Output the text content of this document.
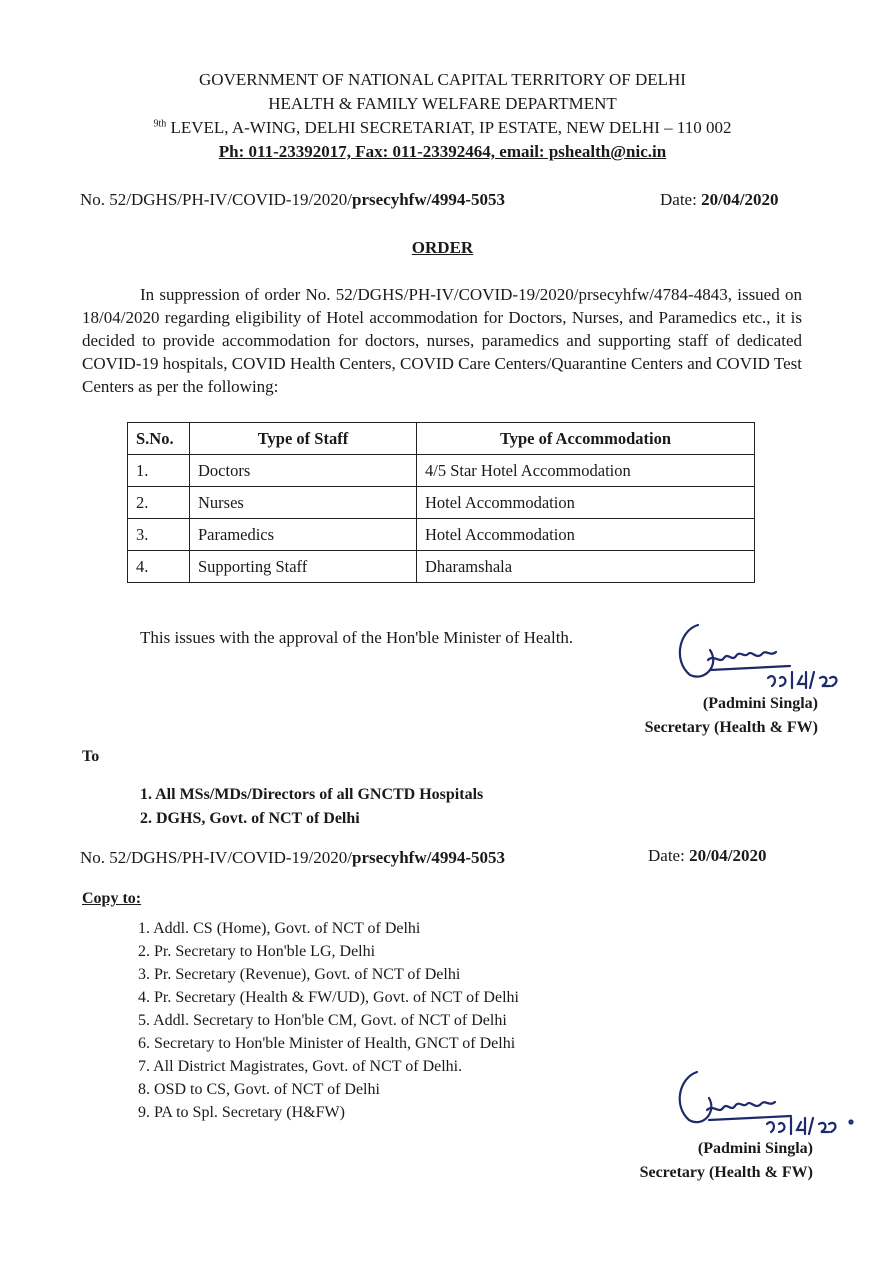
GOVERNMENT OF NATIONAL CAPITAL TERRITORY OF DELHI
HEALTH & FAMILY WELFARE DEPARTMENT
$^{9th}$ LEVEL, A-WING, DELHI SECRETARIAT, IP ESTATE, NEW DELHI – 110 002
Ph: 011-23392017, Fax: 011-23392464, email: pshealth@nic.in
No. 52/DGHS/PH-IV/COVID-19/2020/prsecyhfw/4994-5053	Date: 20/04/2020
ORDER
In suppression of order No. 52/DGHS/PH-IV/COVID-19/2020/prsecyhfw/4784-4843, issued on 18/04/2020 regarding eligibility of Hotel accommodation for Doctors, Nurses, and Paramedics etc., it is decided to provide accommodation for doctors, nurses, paramedics and supporting staff of dedicated COVID-19 hospitals, COVID Health Centers, COVID Care Centers/Quarantine Centers and COVID Test Centers as per the following:
S.No.	Type of Staff	Type of Accommodation
1.	Doctors	4/5 Star Hotel Accommodation
2.	Nurses	Hotel Accommodation
3.	Paramedics	Hotel Accommodation
4.	Supporting Staff	Dharamshala
This issues with the approval of the Hon'ble Minister of Health.
(Padmini Singla)
Secretary (Health & FW)
To
1. All MSs/MDs/Directors of all GNCTD Hospitals
2. DGHS, Govt. of NCT of Delhi
No. 52/DGHS/PH-IV/COVID-19/2020/prsecyhfw/4994-5053	Date: 20/04/2020
Copy to:
1. Addl. CS (Home), Govt. of NCT of Delhi
2. Pr. Secretary to Hon'ble LG, Delhi
3. Pr. Secretary (Revenue), Govt. of NCT of Delhi
4. Pr. Secretary (Health & FW/UD), Govt. of NCT of Delhi
5. Addl. Secretary to Hon'ble CM, Govt. of NCT of Delhi
6. Secretary to Hon'ble Minister of Health, GNCT of Delhi
7. All District Magistrates, Govt. of NCT of Delhi.
8. OSD to CS, Govt. of NCT of Delhi
9. PA to Spl. Secretary (H&FW)
(Padmini Singla)
Secretary (Health & FW)
